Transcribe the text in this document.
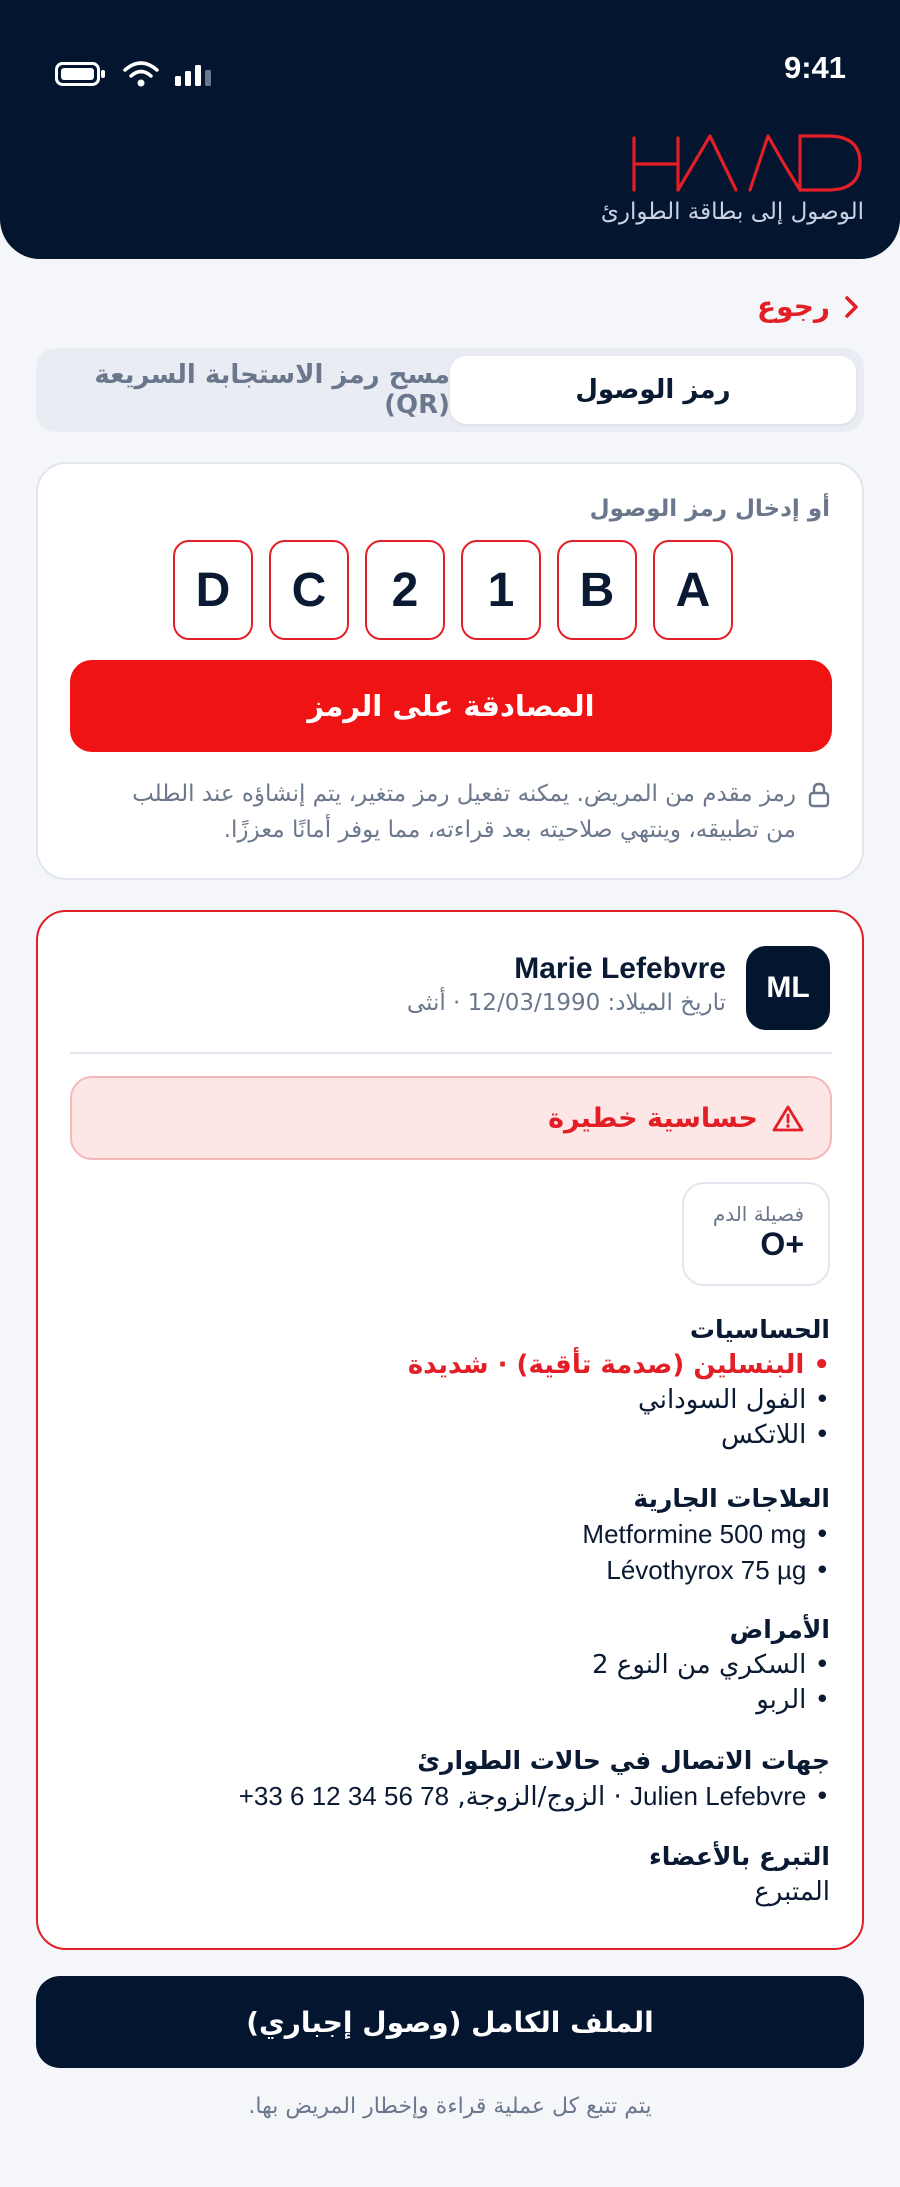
9:41
الوصول إلى بطاقة الطوارئ
رجوع
رمز الوصول
مسح رمز الاستجابة السريعة (QR)
أو إدخال رمز الوصول
A
B
1
2
C
D
المصادقة على الرمز
رمز مقدم من المريض. يمكنه تفعيل رمز متغير، يتم إنشاؤه عند الطلب من تطبيقه، وينتهي صلاحيته بعد قراءته، مما يوفر أمانًا معززًا.
ML
Marie Lefebvre
تاريخ الميلاد: 12/03/1990 · أنثى
حساسية خطيرة
فصيلة الدم
O+
الحساسيات
• البنسلين (صدمة تأقية) · شديدة
• الفول السوداني
• اللاتكس
العلاجات الجارية
• Metformine 500 mg
• Lévothyrox 75 µg
الأمراض
• السكري من النوع 2
• الربو
جهات الاتصال في حالات الطوارئ
• Julien Lefebvre · الزوج/الزوجة, +33 6 12 34 56 78
التبرع بالأعضاء
المتبرع
الملف الكامل (وصول إجباري)
يتم تتبع كل عملية قراءة وإخطار المريض بها.
